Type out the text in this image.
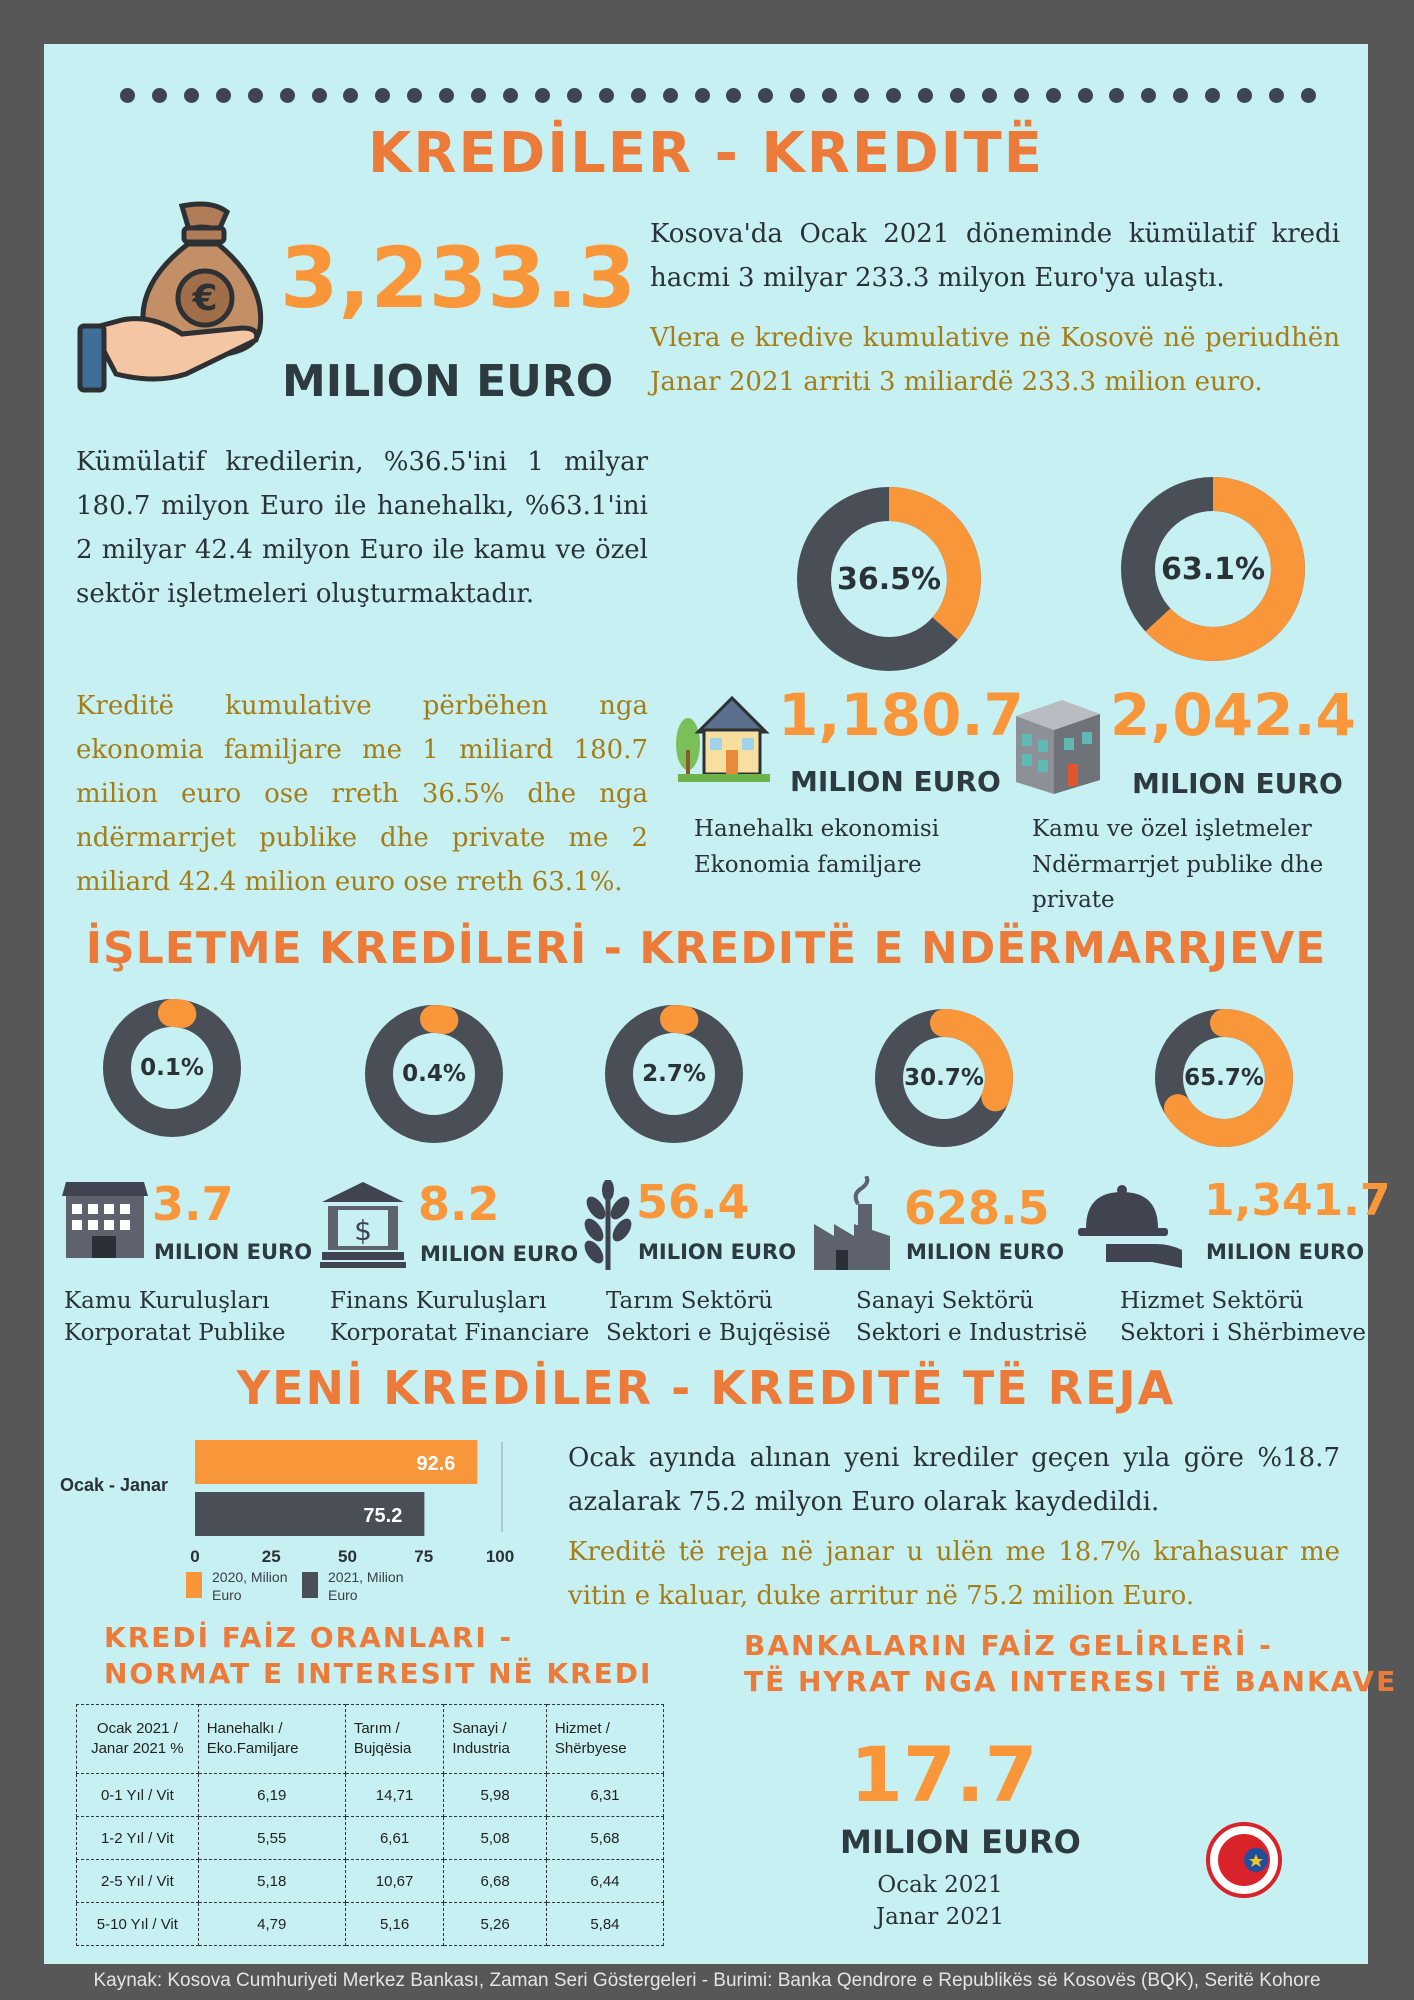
KREDİLER - KREDITË
€ 3,233.3
MILION EURO

Kosova'da Ocak 2021 döneminde kümülatif kredi hacmi 3 milyar 233.3 milyon Euro'ya ulaştı.

Vlera e kredive kumulative në Kosovë në periudhën Janar 2021 arriti 3 miliardë 233.3 milion euro.

Kümülatif kredilerin, %36.5'ini 1 milyar 180.7 milyon Euro ile hanehalkı, %63.1'ini 2 milyar 42.4 milyon Euro ile kamu ve özel sektör işletmeleri oluşturmaktadır.

Kreditë kumulative përbëhen nga ekonomia familjare me 1 miliard 180.7 milion euro ose rreth 36.5% dhe nga ndërmarrjet publike dhe private me 2 miliard 42.4 milion euro ose rreth 63.1%.

36.5%	63.1%
1,180.7
MILION EURO
2,042.4
MILION EURO
Hanehalkı ekonomisi
Ekonomia familjare
Kamu ve özel işletmeler
Ndërmarrjet publike dhe private
İŞLETME KREDİLERİ - KREDITË E NDËRMARRJEVE
0.1%	0.4%	2.7%	30.7%	65.7%
$
3.7
MILION EURO
8.2
MILION EURO
56.4
MILION EURO
628.5
MILION EURO
1,341.7
MILION EURO
Kamu Kuruluşları
Korporatat Publike
Finans Kuruluşları
Korporatat Financiare
Tarım Sektörü
Sektori e Bujqësisë
Sanayi Sektörü
Sektori e Industrisë
Hizmet Sektörü
Sektori i Shërbimeve
YENİ KREDİLER - KREDITË TË REJA
Ocak - Janar
92.6
75.2
0	25	50	75	100
2020, Milion Euro
2021, Milion Euro

Ocak ayında alınan yeni krediler geçen yıla göre %18.7 azalarak 75.2 milyon Euro olarak kaydedildi.

Kreditë të reja në janar u ulën me 18.7% krahasuar me vitin e kaluar, duke arritur në 75.2 milion Euro.

KREDİ FAİZ ORANLARI -
NORMAT E INTERESIT NË KREDI
Ocak 2021 / Janar 2021 %	Hanehalkı / Eko.Familjare	Tarım / Bujqësia	Sanayi / Industria	Hizmet / Shërbyese
0-1 Yıl / Vit	6,19	14,71	5,98	6,31
1-2 Yıl / Vit	5,55	6,61	5,08	5,68
2-5 Yıl / Vit	5,18	10,67	6,68	6,44
5-10 Yıl / Vit	4,79	5,16	5,26	5,84
BANKALARIN FAİZ GELİRLERİ -
TË HYRAT NGA INTERESI TË BANKAVE
17.7
MILION EURO
Ocak 2021
Janar 2021
Kaynak: Kosova Cumhuriyeti Merkez Bankası, Zaman Seri Göstergeleri - Burimi: Banka Qendrore e Republikës së Kosovës (BQK), Seritë Kohore
